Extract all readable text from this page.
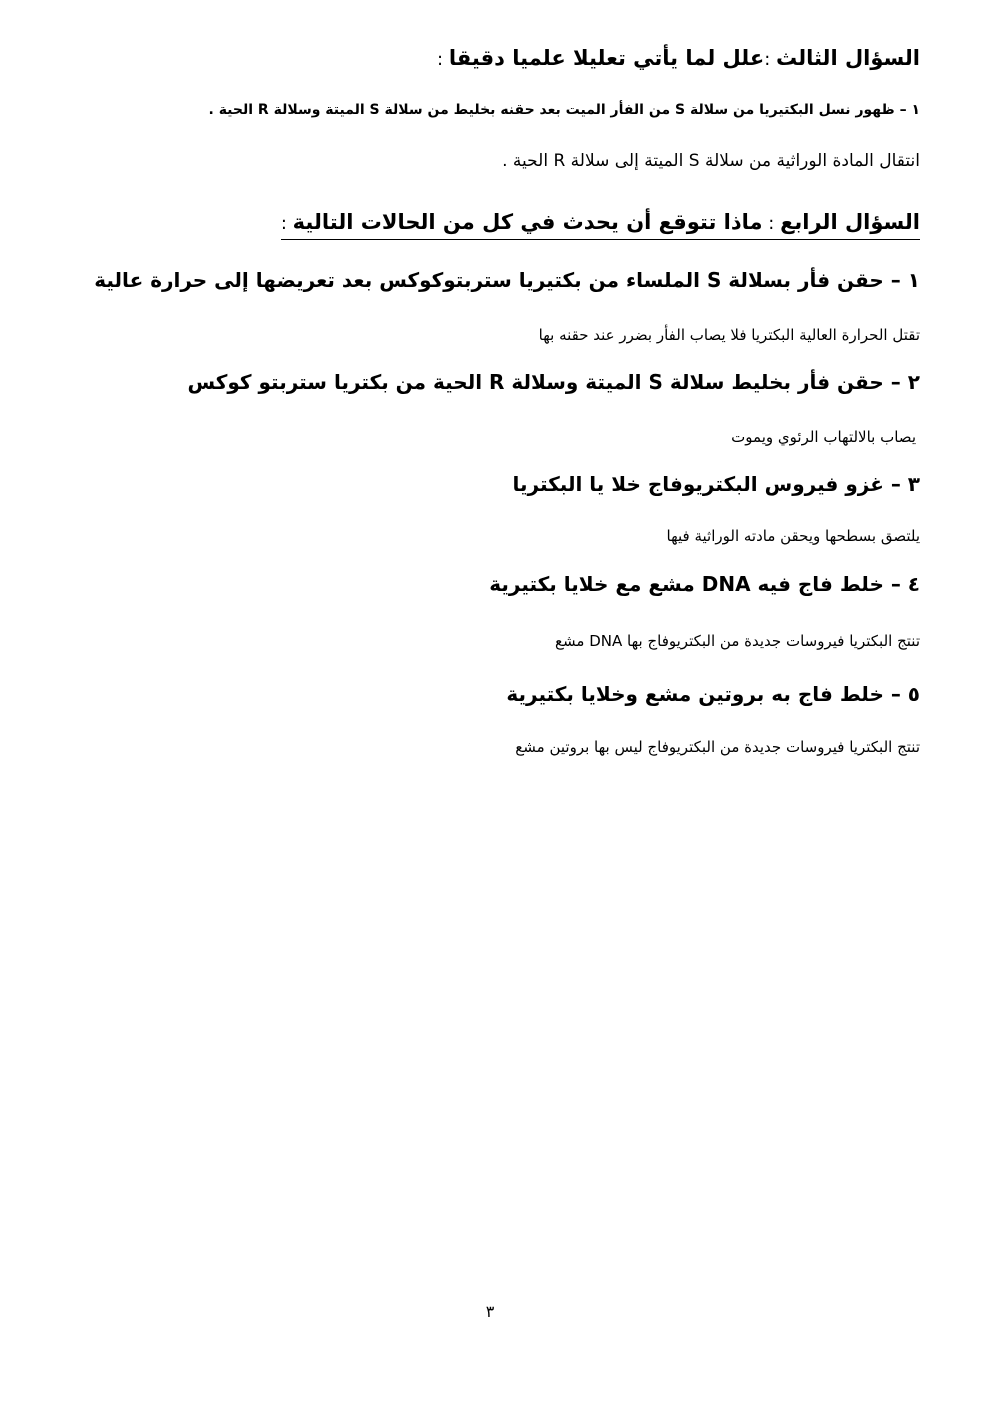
السؤال الثالث :علل لما يأتي تعليلا علميا دقيقا :
١ – ظهور نسل البكتيريا من سلالة S من الفأر الميت بعد حقنه بخليط من سلالة S الميتة وسلالة R الحية .
انتقال المادة الوراثية من سلالة S الميتة إلى سلالة R الحية .
السؤال الرابع : ماذا تتوقع أن يحدث في كل من الحالات التالية :
١ – حقن فأر بسلالة S الملساء من بكتيريا ستربتوكوكس بعد تعريضها إلى حرارة عالية
تقتل الحرارة العالية البكتريا فلا يصاب الفأر بضرر عند حقنه بها
٢ – حقن فأر بخليط سلالة S الميتة وسلالة R الحية من بكتريا ستربتو كوكس
يصاب بالالتهاب الرئوي ويموت
٣ – غزو فيروس البكتريوفاج خلا يا البكتريا
يلتصق بسطحها ويحقن مادته الوراثية فيها
٤ – خلط فاج فيه DNA مشع مع خلايا بكتيرية
تنتج البكتريا فيروسات جديدة من البكتريوفاج بها DNA مشع
٥ – خلط فاج به بروتين مشع وخلايا بكتيرية
تنتج البكتريا فيروسات جديدة من البكتريوفاج ليس بها بروتين مشع
٣
